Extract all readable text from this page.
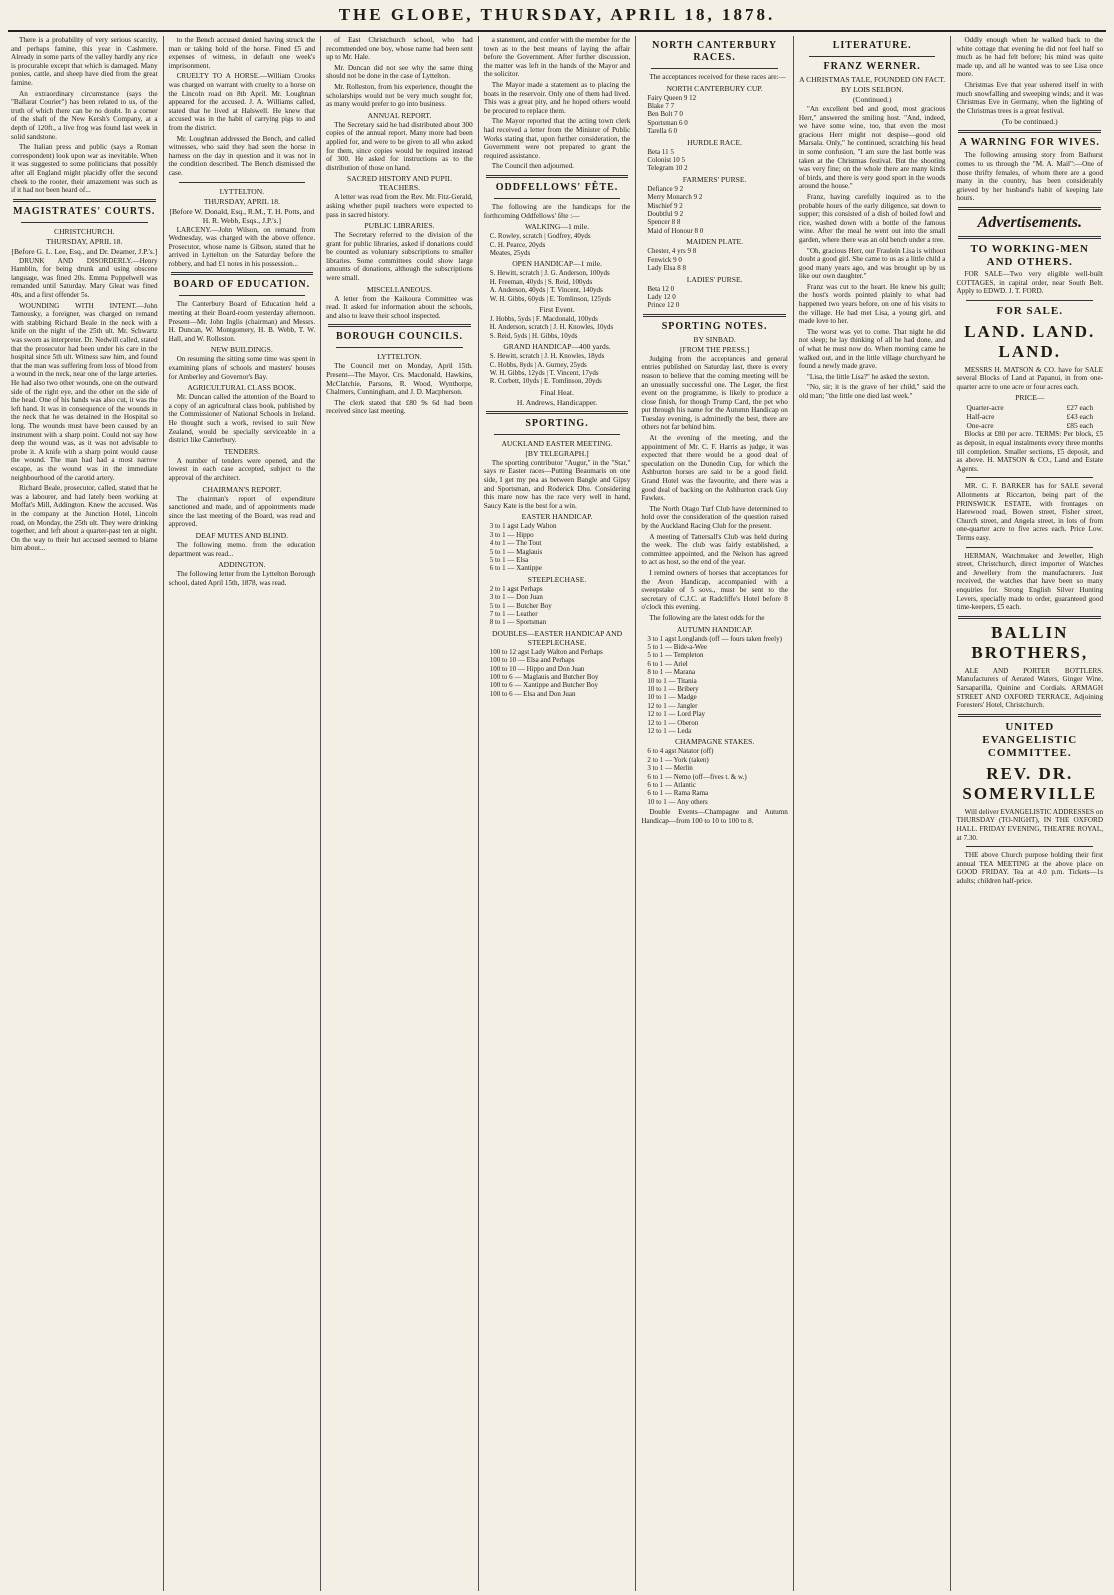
THE GLOBE, THURSDAY, APRIL 18, 1878.

There is a probability of very serious scarcity, and perhaps famine, this year in Cashmere. Already in some parts of the valley hardly any rice is procurable except that which is damaged. Many ponies, cattle, and sheep have died from the great famine.

An extraordinary circumstance (says the "Ballarat Courier") has been related to us, of the truth of which there can be no doubt. In a corner of the shaft of the New Kersh's Company, at a depth of 120ft., a live frog was found last week in solid sandstone.

The Italian press and public (says a Roman correspondent) look upon war as inevitable. When it was suggested to some politicians that possibly after all England might placidly offer the second cheek to the rooter, their amazement was such as if it had not been heard of...

MAGISTRATES' COURTS.
CHRISTCHURCH.
THURSDAY, APRIL 18.
[Before G. L. Lee, Esq., and Dr. Deamer, J.P.'s.]

DRUNK AND DISORDERLY.—Henry Hamblin, for being drunk and using obscene language, was fined 20s. Emma Poppelwell was remanded until Saturday. Mary Gleat was fined 40s, and a first offender 5s.

WOUNDING WITH INTENT.—John Tamousky, a foreigner, was charged on remand with stabbing Richard Beale in the neck with a knife on the night of the 25th ult. Mr. Schwartz was sworn as interpreter. Dr. Nedwill called, stated that the prosecutor had been under his care in the hospital since 5th ult. Witness saw him, and found that the man was suffering from loss of blood from a wound in the neck, near one of the large arteries. He had also two other wounds, one on the outward side of the right eye, and the other on the side of the head. One of his hands was also cut, it was the left hand. It was in consequence of the wounds in the neck that he was detained in the Hospital so long. The wounds must have been caused by an instrument with a sharp point. Could not say how deep the wound was, as it was not advisable to probe it. A knife with a sharp point would cause the wound. The man had had a most narrow escape, as the wound was in the immediate neighbourhood of the carotid artery.

Richard Beale, prosecutor, called, stated that he was a labourer, and had lately been working at Moffat's Mill, Addington. Knew the accused. Was in the company at the Junction Hotel, Lincoln road, on Monday, the 25th ult. They were drinking together, and left about a quarter-past ten at night. On the way to their hut accused seemed to blame him about...

to the Bench accused denied having struck the man or taking hold of the horse. Fined £5 and expenses of witness, in default one week's imprisonment.

CRUELTY TO A HORSE.—William Crooks was charged on warrant with cruelty to a horse on the Lincoln road on 8th April. Mr. Loughnan appeared for the accused. J. A. Williams called, stated that he lived at Halswell. He knew that accused was in the habit of carrying pigs to and from the district.

Mr. Loughnan addressed the Bench, and called witnesses, who said they had seen the horse in harness on the day in question and it was not in the condition described. The Bench dismissed the case.

LYTTELTON.
THURSDAY, APRIL 18.
[Before W. Donald, Esq., R.M., T. H. Potts, and H. R. Webb, Esqs., J.P.'s.]

LARCENY.—John Wilson, on remand from Wednesday, was charged with the above offence. Prosecutor, whose name is Gibson, stated that he arrived in Lyttelton on the Saturday before the robbery, and had £1 notes in his possession...

BOARD OF EDUCATION.

The Canterbury Board of Education held a meeting at their Board-room yesterday afternoon. Present—Mr. John Inglis (chairman) and Messrs. H. Duncan, W. Montgomery, H. B. Webb, T. W. Hall, and W. Rolleston.

NEW BUILDINGS.

On resuming the sitting some time was spent in examining plans of schools and masters' houses for Amberley and Governor's Bay.

AGRICULTURAL CLASS BOOK.

Mr. Duncan called the attention of the Board to a copy of an agricultural class book, published by the Commissioner of National Schools in Ireland. He thought such a work, revised to suit New Zealand, would be specially serviceable in a district like Canterbury.

TENDERS.

A number of tenders were opened, and the lowest in each case accepted, subject to the approval of the architect.

CHAIRMAN'S REPORT.

The chairman's report of expenditure sanctioned and made, and of appointments made since the last meeting of the Board, was read and approved.

DEAF MUTES AND BLIND.

The following memo. from the education department was read...

ADDINGTON.

The following letter from the Lyttelton Borough school, dated April 15th, 1878, was read.

of East Christchurch school, who had recommended one boy, whose name had been sent up to Mr. Hale.

Mr. Duncan did not see why the same thing should not be done in the case of Lyttelton.

Mr. Rolleston, from his experience, thought the scholarships would not be very much sought for, as many would prefer to go into business.

ANNUAL REPORT.

The Secretary said he had distributed about 300 copies of the annual report. Many more had been applied for, and were to be given to all who asked for them, since copies would be required instead of 300. He asked for instructions as to the distribution of those on hand.

SACRED HISTORY AND PUPIL TEACHERS.

A letter was read from the Rev. Mr. Fitz-Gerald, asking whether pupil teachers were expected to pass in sacred history.

PUBLIC LIBRARIES.

The Secretary referred to the division of the grant for public libraries, asked if donations could be counted as voluntary subscriptions to smaller libraries. Some committees could show large amounts of donations, although the subscriptions were small.

MISCELLANEOUS.

A letter from the Kaikoura Committee was read. It asked for information about the schools, and also to leave their school inspected.

BOROUGH COUNCILS.
LYTTELTON.

The Council met on Monday, April 15th. Present—The Mayor, Crs. Macdonald, Hawkins, McClatchie, Parsons, R. Wood, Wynthorpe, Chalmers, Cunningham, and J. D. Macpherson.

The clerk stated that £80 9s 6d had been received since last meeting.

a statement, and confer with the member for the town as to the best means of laying the affair before the Government. After further discussion, the matter was left in the hands of the Mayor and the solicitor.

The Mayor made a statement as to placing the boats in the reservoir. Only one of them had lived. This was a great pity, and he hoped others would be procured to replace them.

The Mayor reported that the acting town clerk had received a letter from the Minister of Public Works stating that, upon further consideration, the Government were not prepared to grant the required assistance.

The Council then adjourned.

ODDFELLOWS' FÊTE.

The following are the handicaps for the forthcoming Oddfellows' fête :—

WALKING—1 mile.
C. Rowley, scratch | Godfrey, 40yds
C. H. Pearce, 20yds
Meates, 25yds
OPEN HANDICAP—1 mile.
S. Hewitt, scratch | J. G. Anderson, 100yds
H. Freeman, 40yds | S. Reid, 100yds
A. Anderson, 40yds | T. Vincent, 140yds
W. H. Gibbs, 60yds | E. Tomlinson, 125yds
First Event.
J. Hobbs, 5yds | F. Macdonald, 100yds
H. Anderson, scratch | J. H. Knowles, 10yds
S. Reid, 5yds | H. Gibbs, 10yds
GRAND HANDICAP—400 yards.
S. Hewitt, scratch | J. H. Knowles, 18yds
C. Hobbs, 8yds | A. Gurney, 25yds
W. H. Gibbs, 12yds | T. Vincent, 17yds
R. Corbett, 10yds | E. Tomlinson, 20yds
Final Heat.
H. Andrews, Handicapper.
SPORTING.
AUCKLAND EASTER MEETING.
[BY TELEGRAPH.]

The sporting contributor "Augur," in the "Star," says re Easter races—Putting Beaumaris on one side, I get my pea as between Bangle and Gipsy and Sportsman, and Roderick Dhu. Considering this mare now has the race very well in hand, Saucy Kate is the best for a win.

EASTER HANDICAP.
3 to 1 agst Lady Walton
3 to 1 — Hippo
4 to 1 — The Tout
5 to 1 — Maglauis
5 to 1 — Elsa
6 to 1 — Xantippe
STEEPLECHASE.
2 to 1 agst Perhaps
3 to 1 — Don Juan
5 to 1 — Butcher Boy
7 to 1 — Leather
8 to 1 — Sportsman
DOUBLES—EASTER HANDICAP AND STEEPLECHASE.
100 to 12 agst Lady Walton and Perhaps
100 to 10 — Elsa and Perhaps
100 to 10 — Hippo and Don Juan
100 to 6 — Maglauis and Butcher Boy
100 to 6 — Xantippe and Butcher Boy
100 to 6 — Elsa and Don Juan
NORTH CANTERBURY RACES.

The acceptances received for these races are:—

NORTH CANTERBURY CUP.
Fairy Queen 9 12
Blake 7 7
Ben Bolt 7 0
Sportsman 6 0
Tarella 6 0
HURDLE RACE.
Beta 11 5
Colonist 10 5
Telegram 10 2
FARMERS' PURSE.
Defiance 9 2
Merry Monarch 9 2
Mischief 9 2
Doubtful 9 2
Spencer 8 8
Maid of Honour 8 0
MAIDEN PLATE.
Chester, 4 yrs 9 8
Fenwick 9 0
Lady Elsa 8 8
LADIES' PURSE.
Beta 12 0
Lady 12 0
Prince 12 0
SPORTING NOTES.
BY SINBAD.
[FROM THE PRESS.]

Judging from the acceptances and general entries published on Saturday last, there is every reason to believe that the coming meeting will be an unusually successful one. The Leger, the first event on the programme, is likely to produce a close finish, for though Trump Card, the pet who put through his name for the Autumn Handicap on Tuesday evening, is admittedly the best, there are others not far behind him.

At the evening of the meeting, and the appointment of Mr. C. F. Harris as judge, it was expected that there would be a good deal of speculation on the Dunedin Cup, for which the Ashburton horses are said to be a good field. Grand Hotel was the favourite, and there was a good deal of backing on the Ashburton crack Guy Fawkes.

The North Otago Turf Club have determined to hold over the consideration of the question raised by the Auckland Racing Club for the present.

A meeting of Tattersall's Club was held during the week. The club was fairly established, a committee appointed, and the Nelson has agreed to act as host, so the end of the year.

I remind owners of horses that acceptances for the Avon Handicap, accompanied with a sweepstake of 5 sovs., must be sent to the secretary of C.J.C. at Radcliffe's Hotel before 8 o'clock this evening.

The following are the latest odds for the

AUTUMN HANDICAP.
3 to 1 agst Longlands (off — fours taken freely)
5 to 1 — Bide-a-Wee
5 to 1 — Templeton
6 to 1 — Ariel
8 to 1 — Marana
10 to 1 — Titania
10 to 1 — Bribery
10 to 1 — Madge
12 to 1 — Jangler
12 to 1 — Lord Play
12 to 1 — Oberon
12 to 1 — Leda
CHAMPAGNE STAKES.
6 to 4 agst Natator (off)
2 to 1 — York (taken)
3 to 1 — Merlin
6 to 1 — Nemo (off—fives t. & w.)
6 to 1 — Atlantic
6 to 1 — Rama Rama
10 to 1 — Any others

Double Events—Champagne and Autumn Handicap—from 100 to 10 to 100 to 8.

LITERATURE.
FRANZ WERNER.
A CHRISTMAS TALE, FOUNDED ON FACT.
BY LOIS SELBON.
(Continued.)

"An excellent bed and good, most gracious Herr," answered the smiling host. "And, indeed, we have some wine, too, that even the most gracious Herr might not despise—good old Marsala. Only," he continued, scratching his head in some confusion, "I am sure the last bottle was taken at the Christmas festival. But the shooting was very fine; on the whole there are many kinds of birds, and there is very good sport in the woods around the house."

Franz, having carefully inquired as to the probable hours of the early diligence, sat down to supper; this consisted of a dish of boiled fowl and rice, washed down with a bottle of the famous wine. After the meal he went out into the small garden, where there was an old bench under a tree.

"Oh, gracious Herr, our Fraulein Lisa is without doubt a good girl. She came to us as a little child a good many years ago, and was brought up by us like our own daughter."

Franz was cut to the heart. He knew his guilt; the host's words pointed plainly to what had happened two years before, on one of his visits to the village. He had met Lisa, a young girl, and made love to her.

The worst was yet to come. That night he did not sleep; he lay thinking of all he had done, and of what he must now do. When morning came he walked out, and in the little village churchyard he found a newly made grave.

"Lisa, the little Lisa?" he asked the sexton.

"No, sir; it is the grave of her child," said the old man; "the little one died last week."

Oddly enough when he walked back to the white cottage that evening he did not feel half so much as he had felt before; his mind was quite made up, and all he wanted was to see Lisa once more.

Christmas Eve that year ushered itself in with much snowfalling and sweeping winds; and it was Christmas Eve in Germany, when the lighting of the Christmas trees is a great festival.

(To be continued.)
A WARNING FOR WIVES.

The following amusing story from Bathurst comes to us through the "M. A. Mail":—One of those thrifty females, of whom there are a good many in the country, has been considerably grieved by her husband's habit of keeping late hours.

Advertisements.
TO WORKING-MEN AND OTHERS.

FOR SALE—Two very eligible well-built COTTAGES, in capital order, near South Belt. Apply to EDWD. J. T. FORD.

FOR SALE.
LAND. LAND. LAND.

MESSRS H. MATSON & CO. have for SALE several Blocks of Land at Papanui, in from one-quarter acre to one acre or four acres each.

PRICE—
Quarter-acre	£27 each
Half-acre	£43 each
One-acre	£85 each

Blocks at £80 per acre. TERMS: Per block, £5 as deposit, in equal instalments every three months till completion. Smaller sections, £5 deposit, and as above. H. MATSON & CO., Land and Estate Agents.

MR. C. F. BARKER has for SALE several Allotments at Riccarton, being part of the PRINSWICK ESTATE, with frontages on Harewood road, Bowen street, Fisher street, Church street, and Angela street, in lots of from one-quarter acre to five acres each. Price Low. Terms easy.

HERMAN, Watchmaker and Jeweller, High street, Christchurch, direct importer of Watches and Jewellery from the manufacturers. Just received, the watches that have been so many enquiries for. Strong English Silver Hunting Levers, specially made to order, guaranteed good time-keepers, £5 each.

BALLIN BROTHERS,

ALE AND PORTER BOTTLERS. Manufacturers of Aerated Waters, Ginger Wine, Sarsaparilla, Quinine and Cordials. ARMAGH STREET AND OXFORD TERRACE, Adjoining Foresters' Hotel, Christchurch.

UNITED EVANGELISTIC COMMITTEE.
REV. DR. SOMERVILLE

Will deliver EVANGELISTIC ADDRESSES on THURSDAY (TO-NIGHT), IN THE OXFORD HALL. FRIDAY EVENING, THEATRE ROYAL, at 7.30.

THE above Church purpose holding their first annual TEA MEETING at the above place on GOOD FRIDAY. Tea at 4.0 p.m. Tickets—1s adults; children half-price.
